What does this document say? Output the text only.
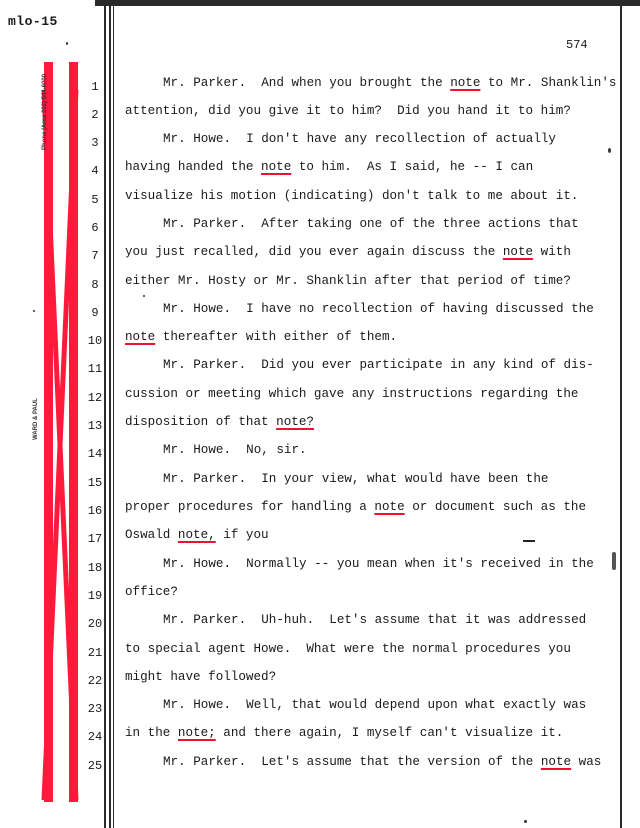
mlo-15
574
Phone (Area 202) 544-6000
WARD & PAUL
1	Mr. Parker.  And when you brought the note to Mr. Shanklin's
2	attention, did you give it to him?  Did you hand it to him?
3	Mr. Howe.  I don't have any recollection of actually
4	having handed the note to him.  As I said, he -- I can
5	visualize his motion (indicating) don't talk to me about it.
6	Mr. Parker.  After taking one of the three actions that
7	you just recalled, did you ever again discuss the note with
8	either Mr. Hosty or Mr. Shanklin after that period of time?
9	Mr. Howe.  I have no recollection of having discussed the
10 note thereafter with either of them.
11	Mr. Parker.  Did you ever participate in any kind of dis-
12 cussion or meeting which gave any instructions regarding the
13 disposition of that note?
14	Mr. Howe.  No, sir.
15	Mr. Parker.  In your view, what would have been the
16 proper procedures for handling a note or document such as the
17 Oswald note, if you
18	Mr. Howe.  Normally -- you mean when it's received in the
19 office?
20	Mr. Parker.  Uh-huh.  Let's assume that it was addressed
21 to special agent Howe.  What were the normal procedures you
22 might have followed?
23	Mr. Howe.  Well, that would depend upon what exactly was
24 in the note; and there again, I myself can't visualize it.
25	Mr. Parker.  Let's assume that the version of the note was
